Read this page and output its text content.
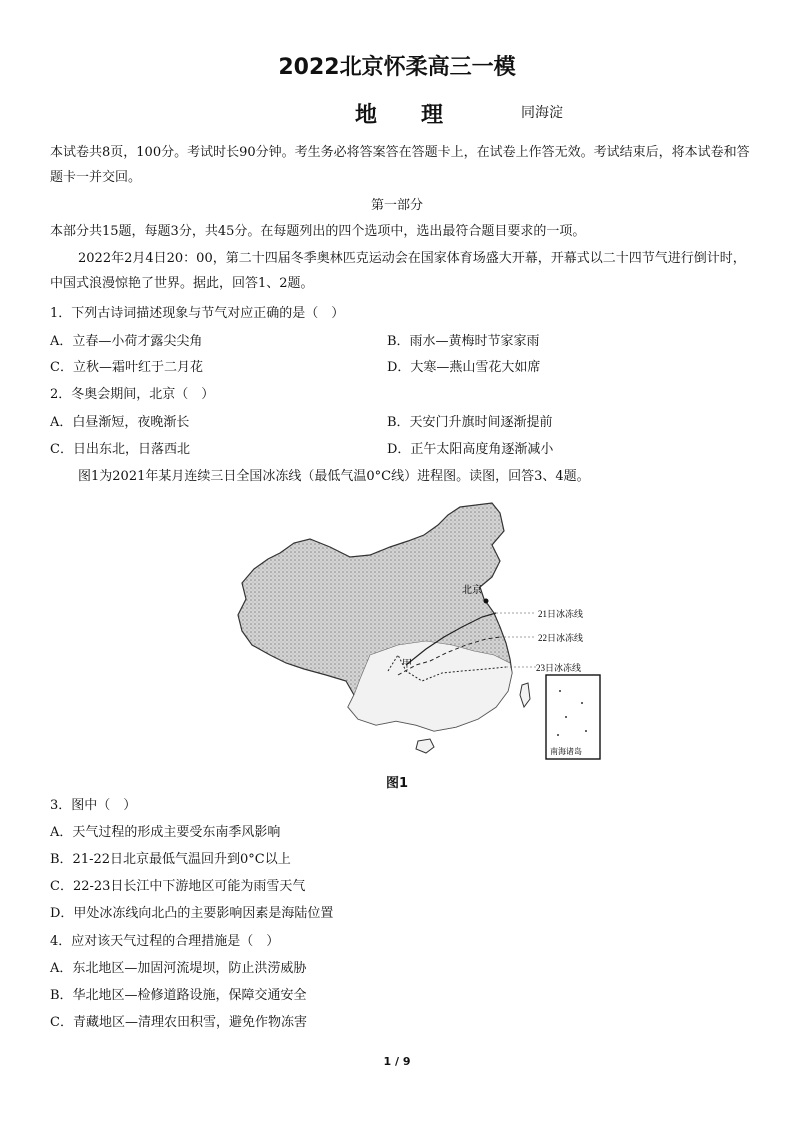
2022北京怀柔高三一模
地理 同海淀
本试卷共8页，100分。考试时长90分钟。考生务必将答案答在答题卡上，在试卷上作答无效。考试结束后，将本试卷和答题卡一并交回。
第一部分
本部分共15题，每题3分，共45分。在每题列出的四个选项中，选出最符合题目要求的一项。
2022年2月4日20：00，第二十四届冬季奥林匹克运动会在国家体育场盛大开幕，开幕式以二十四节气进行倒计时，中国式浪漫惊艳了世界。据此，回答1、2题。
1．下列古诗词描述现象与节气对应正确的是（　）
A．立春—小荷才露尖尖角	B．雨水—黄梅时节家家雨
C．立秋—霜叶红于二月花	D．大寒—燕山雪花大如席
2．冬奥会期间，北京（　）
A．白昼渐短，夜晚渐长	B．天安门升旗时间逐渐提前
C．日出东北，日落西北	D．正午太阳高度角逐渐减小
图1为2021年某月连续三日全国冰冻线（最低气温0°C线）进程图。读图，回答3、4题。
北京
21日冰冻线
22日冰冻线
23日冰冻线
甲
南海诸岛
图1
3．图中（　）
A．天气过程的形成主要受东南季风影响
B．21-22日北京最低气温回升到0°C以上
C．22-23日长江中下游地区可能为雨雪天气
D．甲处冰冻线向北凸的主要影响因素是海陆位置
4．应对该天气过程的合理措施是（　）
A．东北地区—加固河流堤坝，防止洪涝威胁
B．华北地区—检修道路设施，保障交通安全
C．青藏地区—清理农田积雪，避免作物冻害
1 / 9
